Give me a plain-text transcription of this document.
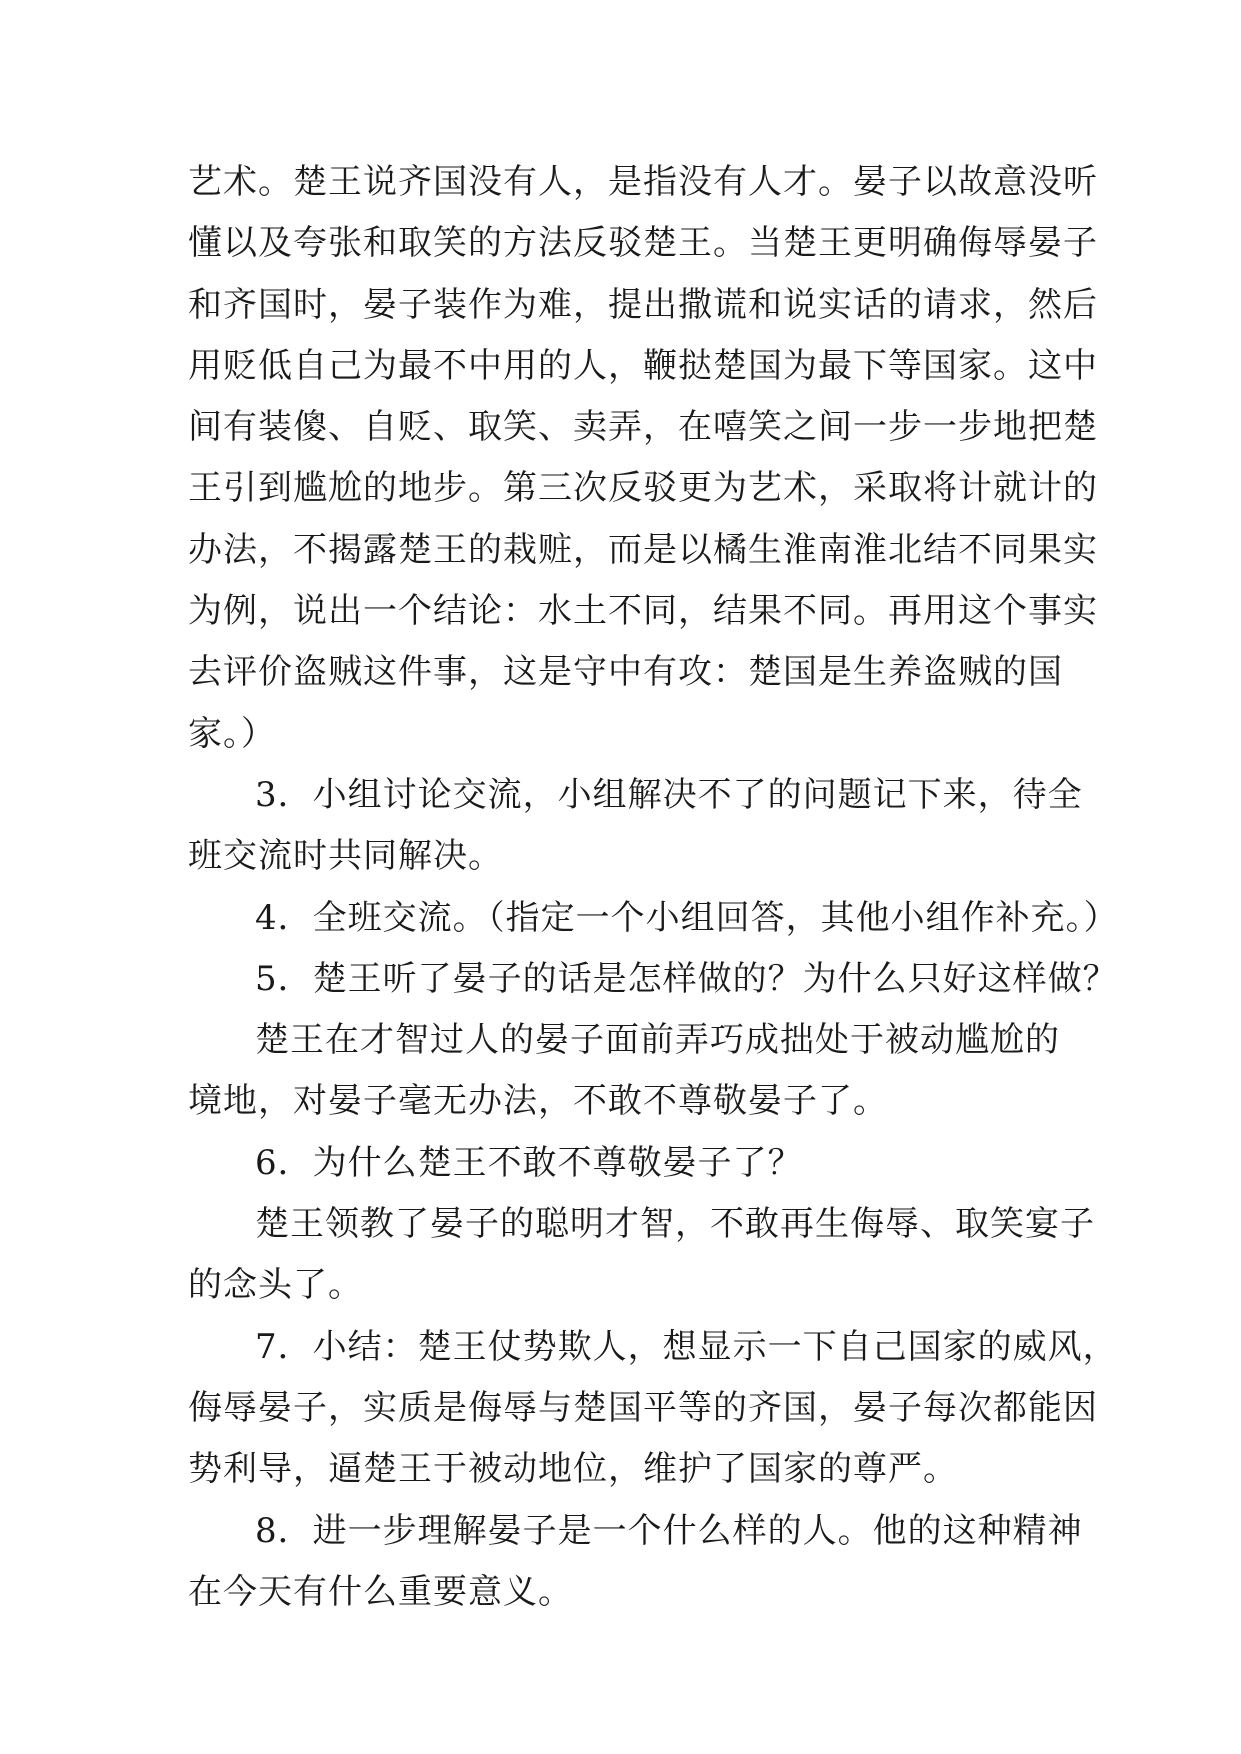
艺术。楚王说齐国没有人，是指没有人才。晏子以故意没听
懂以及夸张和取笑的方法反驳楚王。当楚王更明确侮辱晏子
和齐国时，晏子装作为难，提出撒谎和说实话的请求，然后
用贬低自己为最不中用的人，鞭挞楚国为最下等国家。这中
间有装傻、自贬、取笑、卖弄，在嘻笑之间一步一步地把楚
王引到尴尬的地步。第三次反驳更为艺术，采取将计就计的
办法，不揭露楚王的栽赃，而是以橘生淮南淮北结不同果实
为例，说出一个结论：水土不同，结果不同。再用这个事实
去评价盗贼这件事，这是守中有攻：楚国是生养盗贼的国
家。）
3．小组讨论交流，小组解决不了的问题记下来，待全
班交流时共同解决。
4．全班交流。（指定一个小组回答，其他小组作补充。）
5．楚王听了晏子的话是怎样做的？为什么只好这样做？
楚王在才智过人的晏子面前弄巧成拙处于被动尴尬的
境地，对晏子毫无办法，不敢不尊敬晏子了。
6．为什么楚王不敢不尊敬晏子了？
楚王领教了晏子的聪明才智，不敢再生侮辱、取笑宴子
的念头了。
7．小结：楚王仗势欺人，想显示一下自己国家的威风，
侮辱晏子，实质是侮辱与楚国平等的齐国，晏子每次都能因
势利导，逼楚王于被动地位，维护了国家的尊严。
8．进一步理解晏子是一个什么样的人。他的这种精神
在今天有什么重要意义。
